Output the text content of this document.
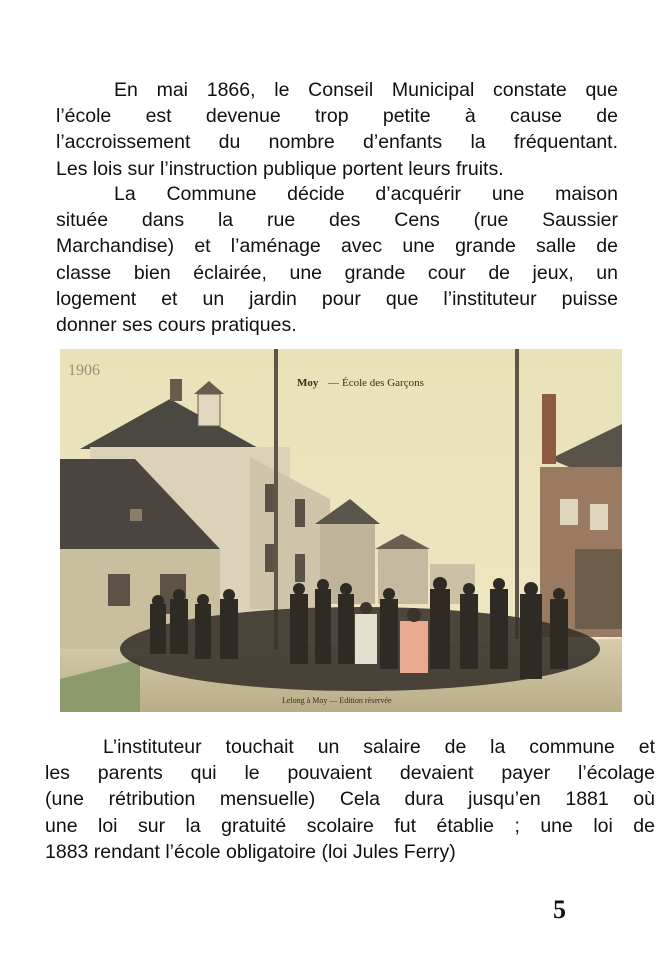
En mai 1866, le Conseil Municipal constate que
l’école est devenue trop petite à cause de
l’accroissement du nombre d’enfants la fréquentant.
Les lois sur l’instruction publique portent leurs fruits.

La Commune décide d’acquérir une maison
située dans la rue des Cens (rue Saussier
Marchandise) et l’aménage avec une grande salle de
classe bien éclairée, une grande cour de jeux, un
logement et un jardin pour que l’instituteur puisse
donner ses cours pratiques.

Moy — École des Garçons
1906
Lelong à Moy — Edition réservée

L’instituteur touchait un salaire de la commune et
les parents qui le pouvaient devaient payer l’écolage
(une rétribution mensuelle) Cela dura jusqu’en 1881 où
une loi sur la gratuité scolaire fut établie ; une loi de
1883 rendant l’école obligatoire (loi Jules Ferry)

5
